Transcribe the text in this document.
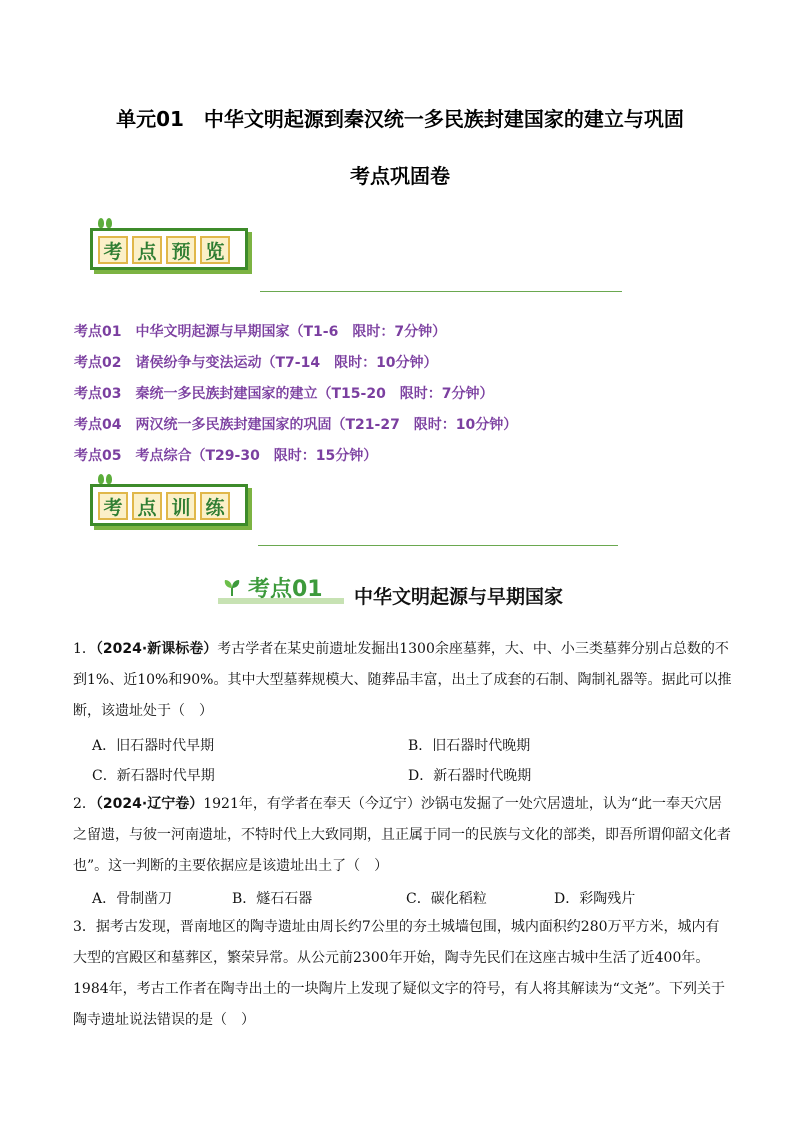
单元01　中华文明起源到秦汉统一多民族封建国家的建立与巩固
考点巩固卷
考 点 预 览
考点01　中华文明起源与早期国家（T1-6　限时：7分钟）
考点02　诸侯纷争与变法运动（T7-14　限时：10分钟）
考点03　秦统一多民族封建国家的建立（T15-20　限时：7分钟）
考点04　两汉统一多民族封建国家的巩固（T21-27　限时：10分钟）
考点05　考点综合（T29-30　限时：15分钟）
考 点 训 练
考点01 中华文明起源与早期国家
1．（2024·新课标卷）考古学者在某史前遗址发掘出1300余座墓葬，大、中、小三类墓葬分别占总数的不到1%、近10%和90%。其中大型墓葬规模大、随葬品丰富，出土了成套的石制、陶制礼器等。据此可以推断，该遗址处于（　）
A．旧石器时代早期	B．旧石器时代晚期
C．新石器时代早期	D．新石器时代晚期
2．（2024·辽宁卷）1921年，有学者在奉天（今辽宁）沙锅屯发掘了一处穴居遗址，认为“此一奉天穴居之留遗，与彼一河南遗址，不特时代上大致同期，且正属于同一的民族与文化的部类，即吾所谓仰韶文化者也”。这一判断的主要依据应是该遗址出土了（　）
A．骨制凿刀	B．燧石石器	C．碳化稻粒	D．彩陶残片
3．据考古发现，晋南地区的陶寺遗址由周长约7公里的夯土城墙包围，城内面积约280万平方米，城内有大型的宫殿区和墓葬区，繁荣异常。从公元前2300年开始，陶寺先民们在这座古城中生活了近400年。1984年，考古工作者在陶寺出土的一块陶片上发现了疑似文字的符号，有人将其解读为“文尧”。下列关于陶寺遗址说法错误的是（　）
